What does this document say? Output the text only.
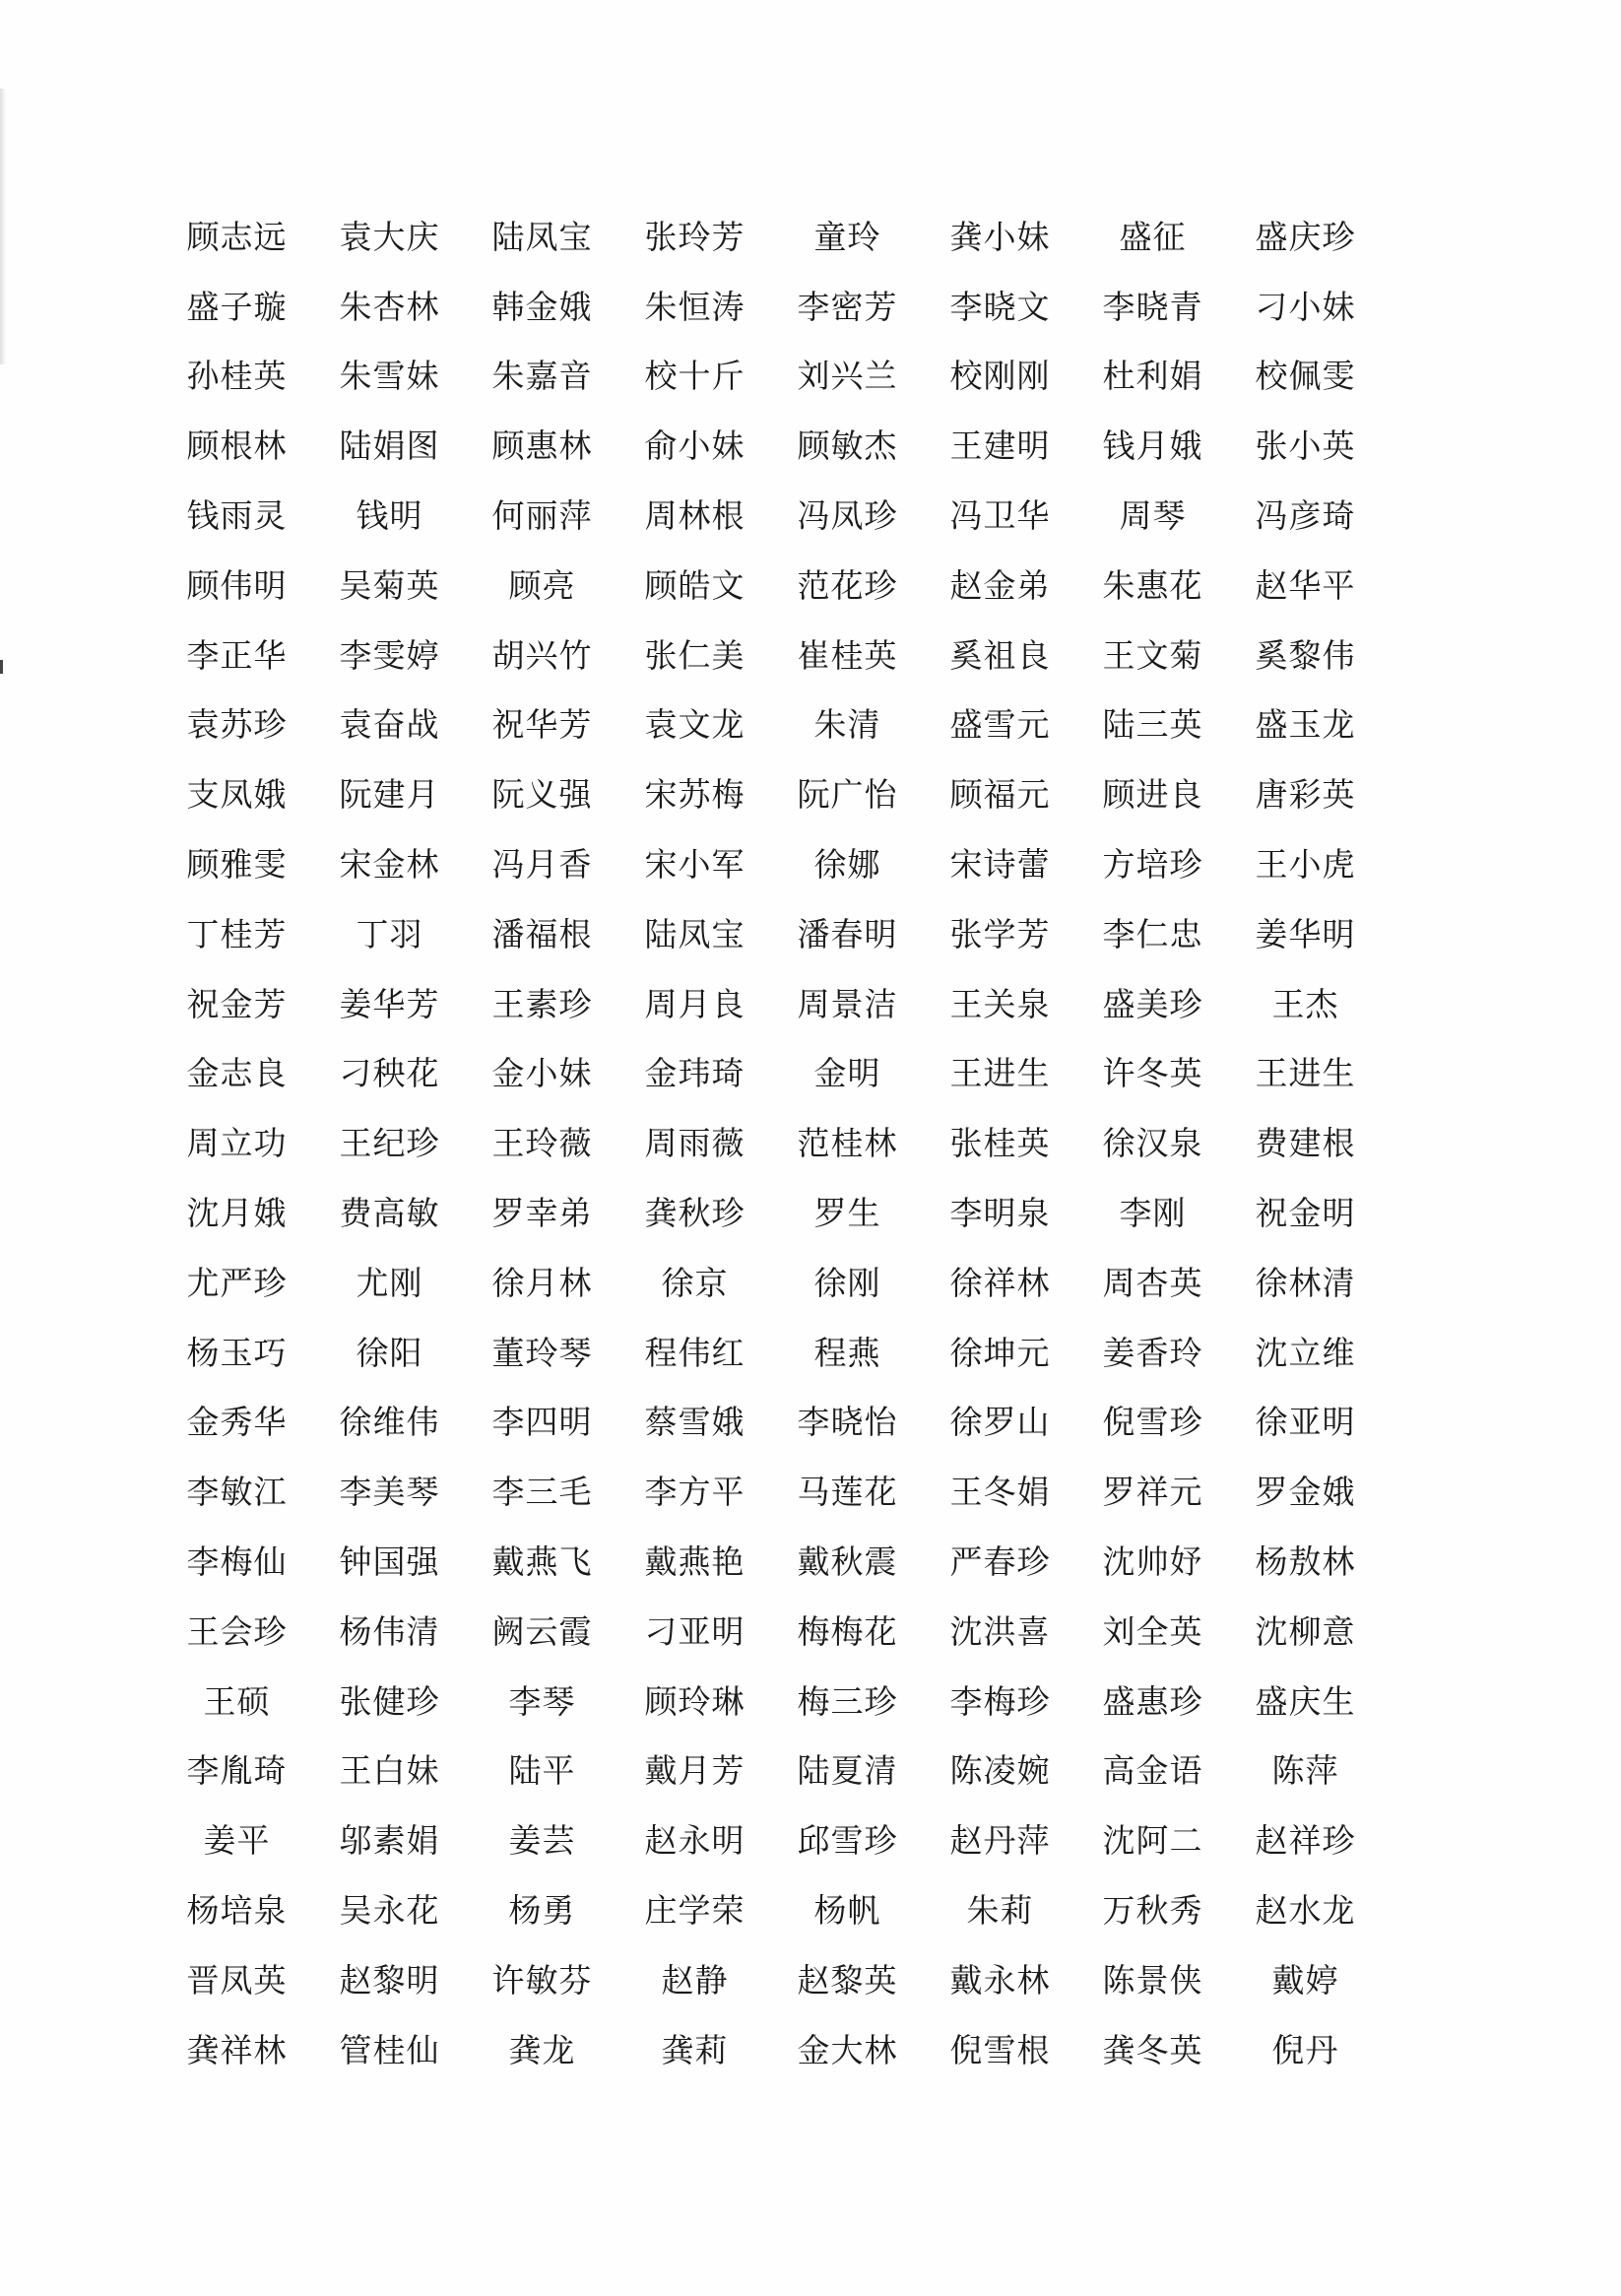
顾志远	袁大庆	陆凤宝	张玲芳	童玲	龚小妹	盛征	盛庆珍
盛子璇	朱杏林	韩金娥	朱恒涛	李密芳	李晓文	李晓青	刁小妹
孙桂英	朱雪妹	朱嘉音	校十斤	刘兴兰	校刚刚	杜利娟	校佩雯
顾根林	陆娟图	顾惠林	俞小妹	顾敏杰	王建明	钱月娥	张小英
钱雨灵	钱明	何丽萍	周林根	冯凤珍	冯卫华	周琴	冯彦琦
顾伟明	吴菊英	顾亮	顾皓文	范花珍	赵金弟	朱惠花	赵华平
李正华	李雯婷	胡兴竹	张仁美	崔桂英	奚祖良	王文菊	奚黎伟
袁苏珍	袁奋战	祝华芳	袁文龙	朱清	盛雪元	陆三英	盛玉龙
支凤娥	阮建月	阮义强	宋苏梅	阮广怡	顾福元	顾进良	唐彩英
顾雅雯	宋金林	冯月香	宋小军	徐娜	宋诗蕾	方培珍	王小虎
丁桂芳	丁羽	潘福根	陆凤宝	潘春明	张学芳	李仁忠	姜华明
祝金芳	姜华芳	王素珍	周月良	周景洁	王关泉	盛美珍	王杰
金志良	刁秧花	金小妹	金玮琦	金明	王进生	许冬英	王进生
周立功	王纪珍	王玲薇	周雨薇	范桂林	张桂英	徐汉泉	费建根
沈月娥	费高敏	罗幸弟	龚秋珍	罗生	李明泉	李刚	祝金明
尤严珍	尤刚	徐月林	徐京	徐刚	徐祥林	周杏英	徐林清
杨玉巧	徐阳	董玲琴	程伟红	程燕	徐坤元	姜香玲	沈立维
金秀华	徐维伟	李四明	蔡雪娥	李晓怡	徐罗山	倪雪珍	徐亚明
李敏江	李美琴	李三毛	李方平	马莲花	王冬娟	罗祥元	罗金娥
李梅仙	钟国强	戴燕飞	戴燕艳	戴秋震	严春珍	沈帅妤	杨敖林
王会珍	杨伟清	阙云霞	刁亚明	梅梅花	沈洪喜	刘全英	沈柳意
王硕	张健珍	李琴	顾玲琳	梅三珍	李梅珍	盛惠珍	盛庆生
李胤琦	王白妹	陆平	戴月芳	陆夏清	陈凌婉	高金语	陈萍
姜平	邬素娟	姜芸	赵永明	邱雪珍	赵丹萍	沈阿二	赵祥珍
杨培泉	吴永花	杨勇	庄学荣	杨帆	朱莉	万秋秀	赵水龙
晋凤英	赵黎明	许敏芬	赵静	赵黎英	戴永林	陈景侠	戴婷
龚祥林	管桂仙	龚龙	龚莉	金大林	倪雪根	龚冬英	倪丹
